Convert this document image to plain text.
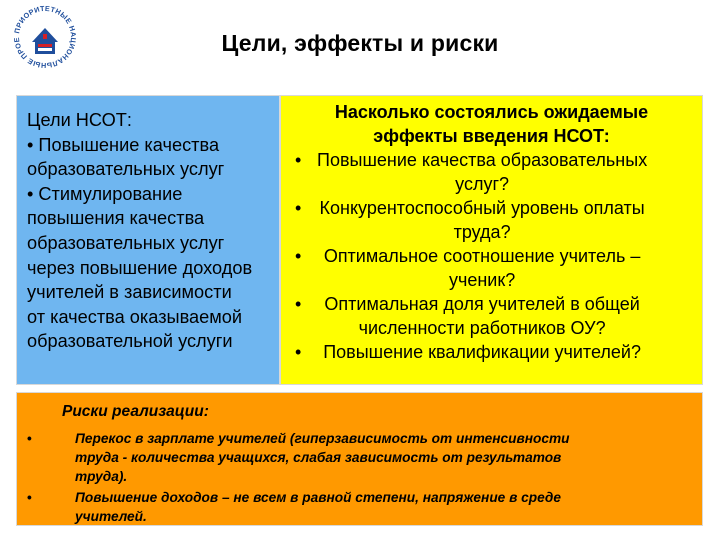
ПРИОРИТЕТНЫЕ НАЦИОНАЛЬНЫЕ ПРОЕ	Цели, эффекты и риски
Цели НСОТ:
• Повышение качества
образовательных услуг
• Стимулирование
повышения качества
образовательных услуг
через повышение доходов
учителей в зависимости
от качества оказываемой
образовательной услуги
Насколько состоялись ожидаемые
эффекты введения НСОТ:
• Повышение качества образовательных
услуг?
• Конкурентоспособный уровень оплаты
труда?
• Оптимальное соотношение учитель –
ученик?
• Оптимальная доля учителей в общей
численности работников ОУ?
• Повышение квалификации учителей?
Риски реализации:
•	Перекос в зарплате учителей (гиперзависимость от интенсивности
труда - количества учащихся, слабая зависимость от результатов
труда).
•	Повышение доходов – не всем в равной степени, напряжение в среде
учителей.
